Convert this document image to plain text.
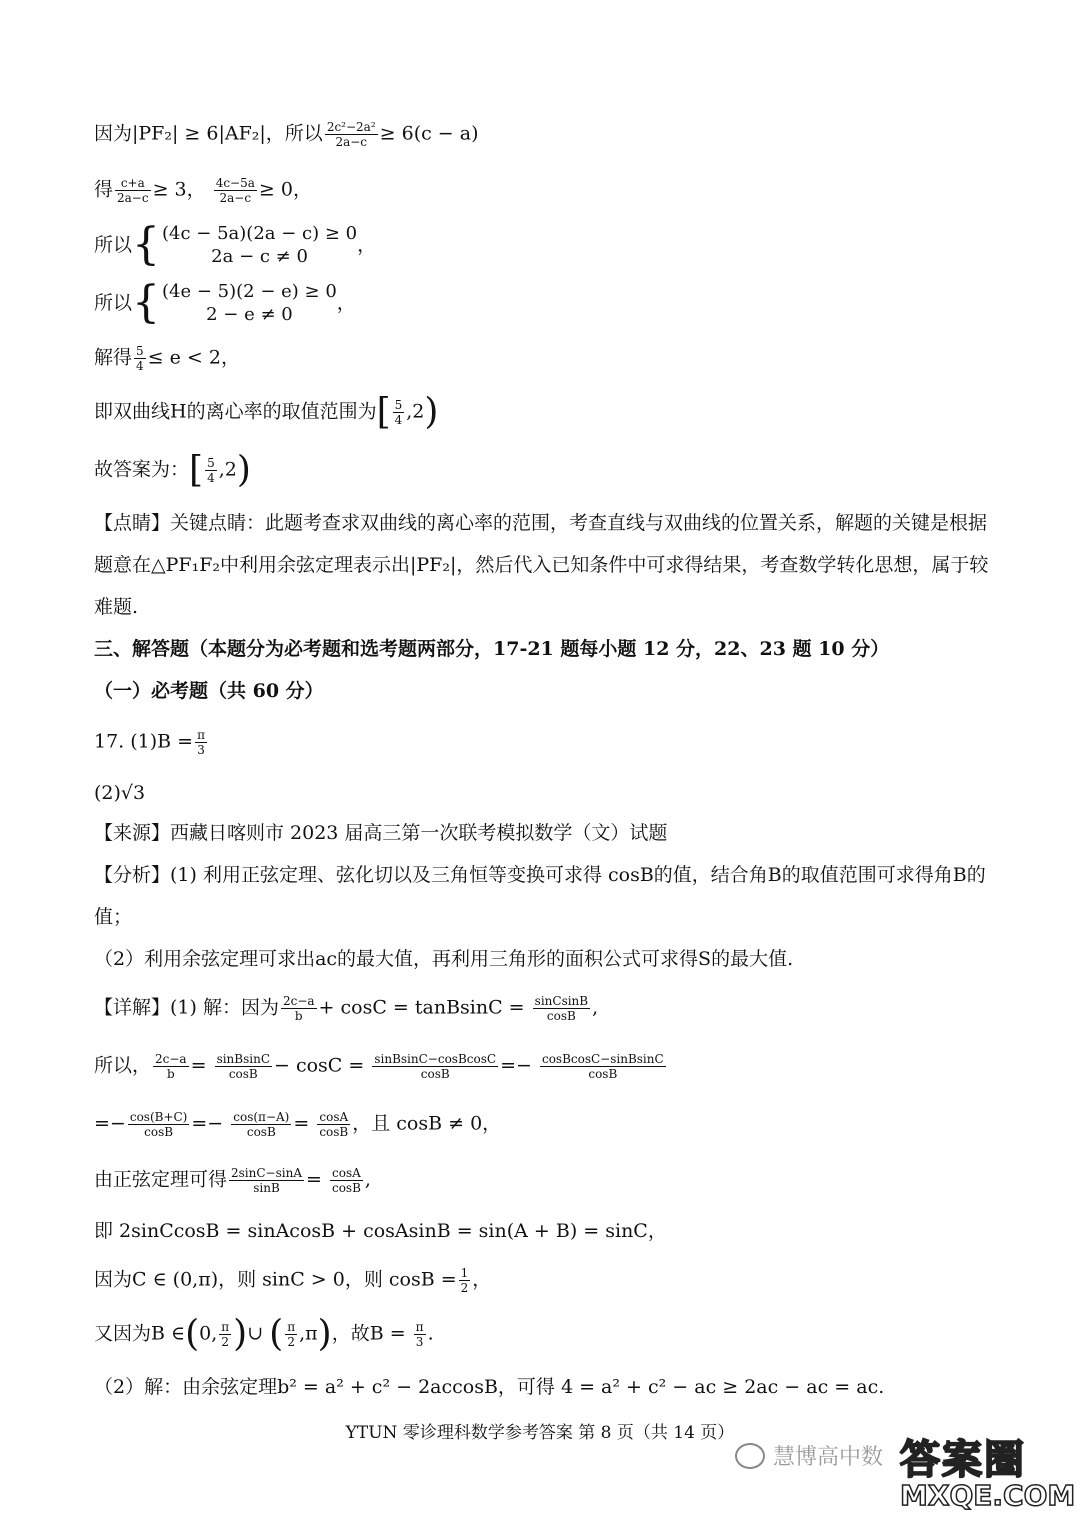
因为|PF₂| ≥ 6|AF₂|，所以 $\frac{\text{2c²−2a²}}{2a-c} \ge 6(c - a)$
得 $\frac{c+a}{2a-c} \ge 3$， $\frac{4c-5a}{2a-c} \ge 0$，
所以{ (4c − 5a)(2a − c) ≥ 0
2a − c ≠ 0，
所以{ (4e − 5)(2 − e) ≥ 0
2 − e ≠ 0，
解得 $\frac{5}{4} \le e < 2$，
即双曲线H的离心率的取值范围为[ $\frac{5}{4} ,2$)
故答案为：[ $\frac{5}{4} ,2$)
【点睛】关键点睛：此题考查求双曲线的离心率的范围，考查直线与双曲线的位置关系，解题的关键是根据题意在△PF₁F₂中利用余弦定理表示出|PF₂|，然后代入已知条件中可求得结果，考查数学转化思想，属于较难题.
三、解答题（本题分为必考题和选考题两部分，17-21 题每小题 12 分，22、23 题 10 分）
（一）必考题（共 60 分）
17. $(1)B = \frac{\pi}{3}$
(2)√3
【来源】西藏日喀则市 2023 届高三第一次联考模拟数学（文）试题
【分析】(1) 利用正弦定理、弦化切以及三角恒等变换可求得 cosB的值，结合角B的取值范围可求得角B的值；
（2）利用余弦定理可求出ac的最大值，再利用三角形的面积公式可求得S的最大值.
【详解】(1) 解：因为 $\frac{2c-a}{b} + \cos C$ = tanBsinC = $\frac{\text{sinCsinB}}{\cos B}$ ,
所以， $\frac{2c-a}{b} = \frac{\text{sinBsinC}}{\cos B} - \cos C = \frac{\text{sinBsinC−cosBcosC}}{\cos B} =- \frac{\text{cosBcosC−sinBsinC}}{\cos B}$
=− $\frac{\cos(B+C)}{\cos B} =- \frac{\cos(\pi-A)}{\cos B} = \frac{\cos A}{\cos B}$ ，且 cosB ≠ 0，
由正弦定理可得 $\frac{2\sin C-\sin A}{\sin B} = \frac{\cos A}{\cos B}$ ,
即 2sinCcosB = sinAcosB + cosAsinB = sin(A + B) = sinC，
因为C ∈ (0,π)，则 sinC > 0，则 $\cos B = \frac{1}{2}$ ，
又因为B ∈(0, $\frac{\pi}{2}$ )∪ ( $\frac{\pi}{2} ,\pi$)，故$B = \frac{\pi}{3}$ .
（2）解：由余弦定理b² = a² + c² − 2accosB，可得 4 = a² + c² − ac ≥ 2ac − ac = ac.
YTUN 零诊理科数学参考答案 第 8 页（共 14 页）
慧博高中数 答案圈
MXQE.COM
